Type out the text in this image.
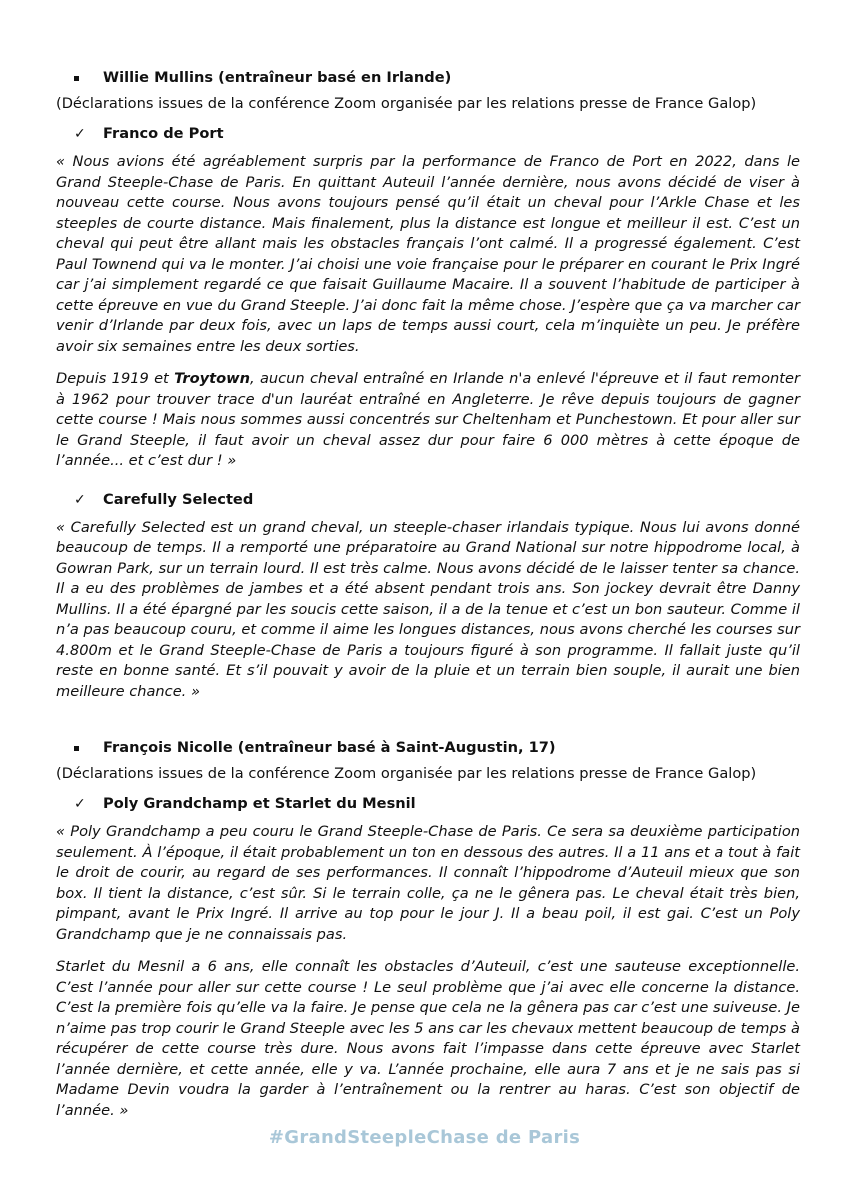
Willie Mullins (entraîneur basé en Irlande)

(Déclarations issues de la conférence Zoom organisée par les relations presse de France Galop)

✓	Franco de Port

« Nous avions été agréablement surpris par la performance de Franco de Port en 2022, dans le Grand Steeple-Chase de Paris. En quittant Auteuil l’année dernière, nous avons décidé de viser à nouveau cette course. Nous avons toujours pensé qu’il était un cheval pour l’Arkle Chase et les steeples de courte distance. Mais finalement, plus la distance est longue et meilleur il est. C’est un cheval qui peut être allant mais les obstacles français l’ont calmé. Il a progressé également. C’est Paul Townend qui va le monter. J’ai choisi une voie française pour le préparer en courant le Prix Ingré car j’ai simplement regardé ce que faisait Guillaume Macaire. Il a souvent l’habitude de participer à cette épreuve en vue du Grand Steeple. J’ai donc fait la même chose. J’espère que ça va marcher car venir d’Irlande par deux fois, avec un laps de temps aussi court, cela m’inquiète un peu. Je préfère avoir six semaines entre les deux sorties.

Depuis 1919 et Troytown, aucun cheval entraîné en Irlande n'a enlevé l'épreuve et il faut remonter à 1962 pour trouver trace d'un lauréat entraîné en Angleterre. Je rêve depuis toujours de gagner cette course ! Mais nous sommes aussi concentrés sur Cheltenham et Punchestown. Et pour aller sur le Grand Steeple, il faut avoir un cheval assez dur pour faire 6 000 mètres à cette époque de l’année... et c’est dur ! »

✓	Carefully Selected

« Carefully Selected est un grand cheval, un steeple-chaser irlandais typique. Nous lui avons donné beaucoup de temps. Il a remporté une préparatoire au Grand National sur notre hippodrome local, à Gowran Park, sur un terrain lourd. Il est très calme. Nous avons décidé de le laisser tenter sa chance. Il a eu des problèmes de jambes et a été absent pendant trois ans. Son jockey devrait être Danny Mullins. Il a été épargné par les soucis cette saison, il a de la tenue et c’est un bon sauteur. Comme il n’a pas beaucoup couru, et comme il aime les longues distances, nous avons cherché les courses sur 4.800m et le Grand Steeple-Chase de Paris a toujours figuré à son programme. Il fallait juste qu’il reste en bonne santé. Et s’il pouvait y avoir de la pluie et un terrain bien souple, il aurait une bien meilleure chance. »

François Nicolle (entraîneur basé à Saint-Augustin, 17)

(Déclarations issues de la conférence Zoom organisée par les relations presse de France Galop)

✓	Poly Grandchamp et Starlet du Mesnil

« Poly Grandchamp a peu couru le Grand Steeple-Chase de Paris. Ce sera sa deuxième participation seulement. À l’époque, il était probablement un ton en dessous des autres. Il a 11 ans et a tout à fait le droit de courir, au regard de ses performances. Il connaît l’hippodrome d’Auteuil mieux que son box. Il tient la distance, c’est sûr. Si le terrain colle, ça ne le gênera pas. Le cheval était très bien, pimpant, avant le Prix Ingré. Il arrive au top pour le jour J. Il a beau poil, il est gai. C’est un Poly Grandchamp que je ne connaissais pas.

Starlet du Mesnil a 6 ans, elle connaît les obstacles d’Auteuil, c’est une sauteuse exceptionnelle. C’est l’année pour aller sur cette course ! Le seul problème que j’ai avec elle concerne la distance. C’est la première fois qu’elle va la faire. Je pense que cela ne la gênera pas car c’est une suiveuse. Je n’aime pas trop courir le Grand Steeple avec les 5 ans car les chevaux mettent beaucoup de temps à récupérer de cette course très dure. Nous avons fait l’impasse dans cette épreuve avec Starlet l’année dernière, et cette année, elle y va. L’année prochaine, elle aura 7 ans et je ne sais pas si Madame Devin voudra la garder à l’entraînement ou la rentrer au haras. C’est son objectif de l’année. »

#GrandSteepleChase de Paris
